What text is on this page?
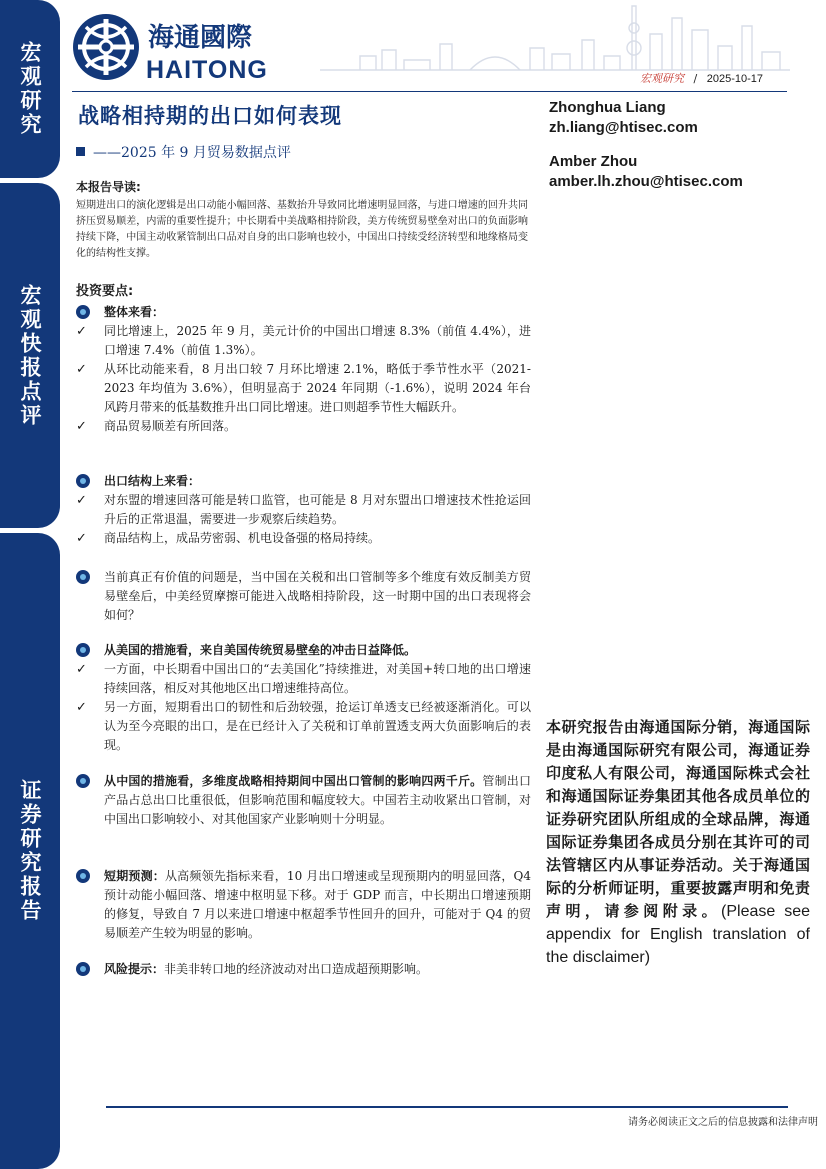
宏观研究
宏观快报点评
证券研究报告
海通國際
HAITONG	宏观研究 / 2025-10-17
战略相持期的出口如何表现
——2025 年 9 月贸易数据点评
Zhonghua Liang
zh.liang@htisec.com
Amber Zhou
amber.lh.zhou@htisec.com
本报告导读:
短期进出口的演化逻辑是出口动能小幅回落、基数抬升导致同比增速明显回落，与进口增速的回升共同挤压贸易顺差，内需的重要性提升；中长期看中美战略相持阶段，美方传统贸易壁垒对出口的负面影响持续下降，中国主动收紧管制出口品对自身的出口影响也较小，中国出口持续受经济转型和地缘格局变化的结构性支撑。
投资要点:
整体来看：
✓ 同比增速上，2025 年 9 月，美元计价的中国出口增速 8.3%（前值 4.4%），进口增速 7.4%（前值 1.3%）。
✓ 从环比动能来看，8 月出口较 7 月环比增速 2.1%，略低于季节性水平（2021-2023 年均值为 3.6%），但明显高于 2024 年同期（-1.6%），说明 2024 年台风跨月带来的低基数推升出口同比增速。进口则超季节性大幅跃升。
✓ 商品贸易顺差有所回落。
出口结构上来看：
✓ 对东盟的增速回落可能是转口监管，也可能是 8 月对东盟出口增速技术性抢运回升后的正常退温，需要进一步观察后续趋势。
✓ 商品结构上，成品劳密弱、机电设备强的格局持续。
当前真正有价值的问题是，当中国在关税和出口管制等多个维度有效反制美方贸易壁垒后，中美经贸摩擦可能进入战略相持阶段，这一时期中国的出口表现将会如何？
从美国的措施看，来自美国传统贸易壁垒的冲击日益降低。
✓ 一方面，中长期看中国出口的“去美国化”持续推进，对美国+转口地的出口增速持续回落，相反对其他地区出口增速维持高位。
✓ 另一方面，短期看出口的韧性和后劲较强，抢运订单透支已经被逐渐消化。可以认为至今亮眼的出口，是在已经计入了关税和订单前置透支两大负面影响后的表现。
从中国的措施看，多维度战略相持期间中国出口管制的影响四两千斤。管制出口产品占总出口比重很低，但影响范围和幅度较大。中国若主动收紧出口管制，对中国出口影响较小、对其他国家产业影响则十分明显。
短期预测：从高频领先指标来看，10 月出口增速或呈现预期内的明显回落，Q4 预计动能小幅回落、增速中枢明显下移。对于 GDP 而言，中长期出口增速预期的修复，导致自 7 月以来进口增速中枢超季节性回升的回升，可能对于 Q4 的贸易顺差产生较为明显的影响。
风险提示：非美非转口地的经济波动对出口造成超预期影响。
本研究报告由海通国际分销，海通国际是由海通国际研究有限公司，海通证券印度私人有限公司，海通国际株式会社和海通国际证券集团其他各成员单位的证券研究团队所组成的全球品牌，海通国际证券集团各成员分别在其许可的司法管辖区内从事证券活动。关于海通国际的分析师证明，重要披露声明和免责声明，请参阅附录。(Please see appendix for English translation of the disclaimer)
请务必阅读正文之后的信息披露和法律声明
